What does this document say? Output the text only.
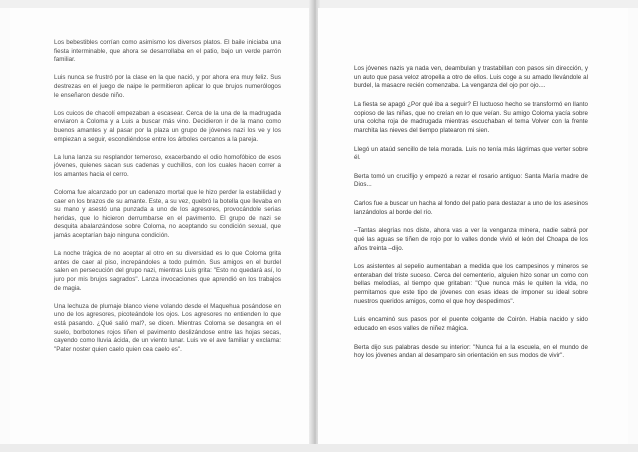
Los bebestibles corrían como asimismo los diversos platos. El baile iniciaba una fiesta interminable, que ahora se desarrollaba en el patio, bajo un verde parrón familiar.

Luis nunca se frustró por la clase en la que nació, y por ahora era muy feliz. Sus destrezas en el juego de naipe le permitieron aplicar lo que brujos numerólogos le enseñaron desde niño.

Los cuicos de chacolí empezaban a escasear. Cerca de la una de la madrugada enviaron a Coloma y a Luis a buscar más vino. Decidieron ir de la mano como buenos amantes y al pasar por la plaza un grupo de jóvenes nazi los ve y los empiezan a seguir, escondiéndose entre los árboles cercanos a la pareja.

La luna lanza su resplandor temeroso, exacerbando el odio homofóbico de esos jóvenes, quienes sacan sus cadenas y cuchillos, con los cuales hacen correr a los amantes hacia el cerro.

Coloma fue alcanzado por un cadenazo mortal que le hizo perder la estabilidad y caer en los brazos de su amante. Este, a su vez, quebró la botella que llevaba en su mano y asestó una punzada a uno de los agresores, provocándole serias heridas, que lo hicieron derrumbarse en el pavimento. El grupo de nazi se desquita abalanzándose sobre Coloma, no aceptando su condición sexual, que jamás aceptarían bajo ninguna condición.

La noche trágica de no aceptar al otro en su diversidad es lo que Coloma grita antes de caer al piso, increpándoles a todo pulmón. Sus amigos en el burdel salen en persecución del grupo nazi, mientras Luis grita: "Esto no quedará así, lo juro por mis brujos sagrados". Lanza invocaciones que aprendió en los trabajos de magia.

Una lechuza de plumaje blanco viene volando desde el Maquehua posándose en uno de los agresores, picoteándole los ojos. Los agresores no entienden lo que está pasando. ¿Qué salió mal?, se dicen. Mientras Coloma se desangra en el suelo, borbotones rojos tiñen el pavimento deslizándose entre las hojas secas, cayendo como lluvia ácida, de un viento lunar. Luis ve el ave familiar y exclama: "Pater noster quien caelo quien cea caelo es".

Los jóvenes nazis ya nada ven, deambulan y trastabillan con pasos sin dirección, y un auto que pasa veloz atropella a otro de ellos. Luis coge a su amado llevándole al burdel, la masacre recién comenzaba. La venganza del ojo por ojo....

La fiesta se apagó ¿Por qué iba a seguir? El luctuoso hecho se transformó en llanto copioso de las niñas, que no creían en lo que veían. Su amigo Coloma yacía sobre una colcha roja de madrugada mientras escuchaban el tema Volver con la frente marchita las nieves del tiempo platearon mi sien.

Llegó un ataúd sencillo de tela morada. Luis no tenía más lágrimas que verter sobre él.

Berta tomó un crucifijo y empezó a rezar el rosario antiguo: Santa María madre de Dios...

Carlos fue a buscar un hacha al fondo del patio para destazar a uno de los asesinos lanzándolos al borde del río.

–Tantas alegrías nos diste, ahora vas a ver la venganza minera, nadie sabrá por qué las aguas se tiñen de rojo por lo valles donde vivió el león del Choapa de los años treinta –dijo.

Los asistentes al sepelio aumentaban a medida que los campesinos y mineros se enteraban del triste suceso. Cerca del cementerio, alguien hizo sonar un como con bellas melodías, al tiempo que gritaban: "Que nunca más le quiten la vida, no permitamos que este tipo de jóvenes con esas ideas de imponer su ideal sobre nuestros queridos amigos, como el que hoy despedimos".

Luis encaminó sus pasos por el puente colgante de Coirón. Había nacido y sido educado en esos valles de niñez mágica.

Berta dijo sus palabras desde su interior: "Nunca fui a la escuela, en el mundo de hoy los jóvenes andan al desamparo sin orientación en sus modos de vivir".
